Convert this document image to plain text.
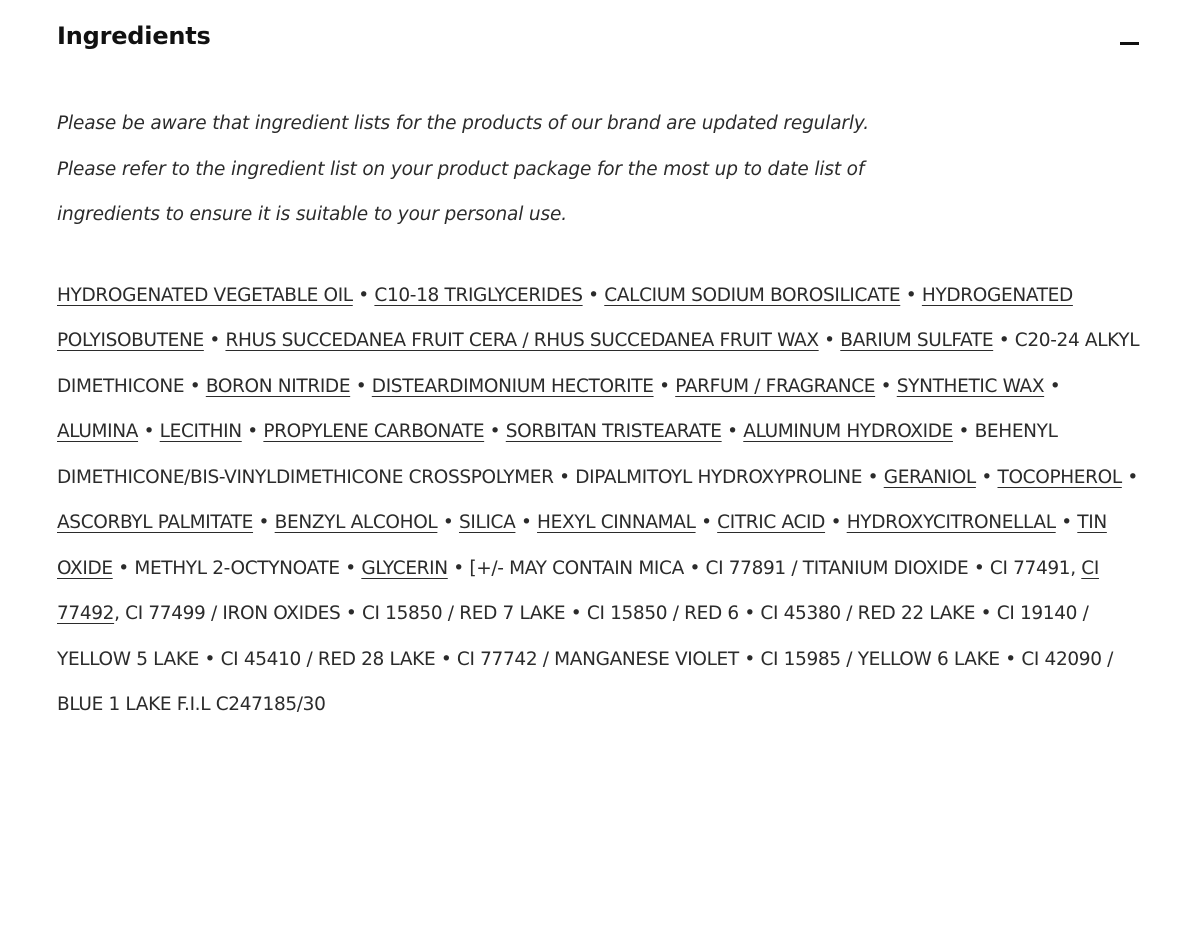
Ingredients

Please be aware that ingredient lists for the products of our brand are updated regularly.
Please refer to the ingredient list on your product package for the most up to date list of
ingredients to ensure it is suitable to your personal use.

HYDROGENATED VEGETABLE OIL • C10-18 TRIGLYCERIDES • CALCIUM SODIUM BOROSILICATE • HYDROGENATED POLYISOBUTENE • RHUS SUCCEDANEA FRUIT CERA / RHUS SUCCEDANEA FRUIT WAX • BARIUM SULFATE • C20-24 ALKYL DIMETHICONE • BORON NITRIDE • DISTEARDIMONIUM HECTORITE • PARFUM / FRAGRANCE • SYNTHETIC WAX • ALUMINA • LECITHIN • PROPYLENE CARBONATE • SORBITAN TRISTEARATE • ALUMINUM HYDROXIDE • BEHENYL DIMETHICONE/BIS-VINYLDIMETHICONE CROSSPOLYMER • DIPALMITOYL HYDROXYPROLINE • GERANIOL • TOCOPHEROL • ASCORBYL PALMITATE • BENZYL ALCOHOL • SILICA • HEXYL CINNAMAL • CITRIC ACID • HYDROXYCITRONELLAL • TIN OXIDE • METHYL 2-OCTYNOATE • GLYCERIN • [+/- MAY CONTAIN MICA • CI 77891 / TITANIUM DIOXIDE • CI 77491, CI 77492, CI 77499 / IRON OXIDES • CI 15850 / RED 7 LAKE • CI 15850 / RED 6 • CI 45380 / RED 22 LAKE • CI 19140 / YELLOW 5 LAKE • CI 45410 / RED 28 LAKE • CI 77742 / MANGANESE VIOLET • CI 15985 / YELLOW 6 LAKE • CI 42090 / BLUE 1 LAKE F.I.L C247185/30
